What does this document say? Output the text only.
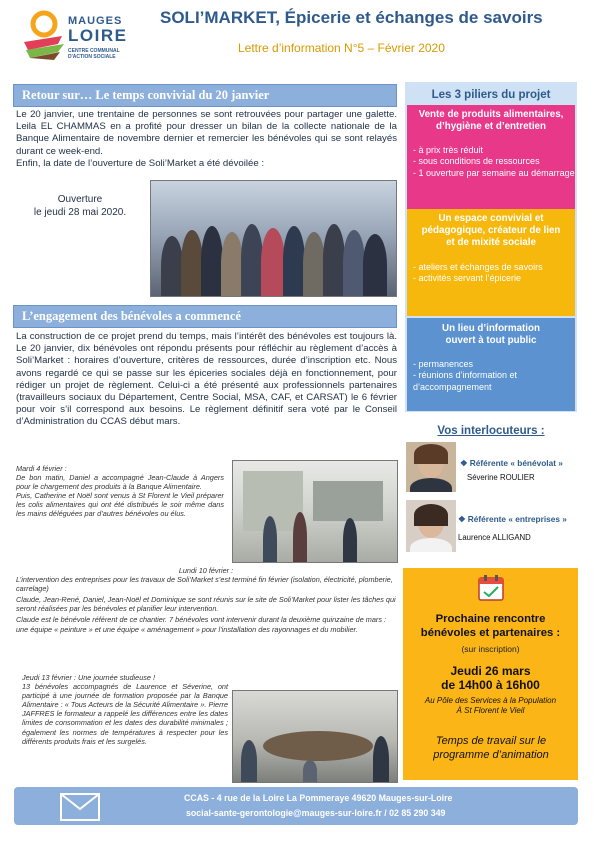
MAUGES
LOIRE
CENTRE COMMUNAL D'ACTION SOCIALE
SOLI’MARKET, Épicerie et échanges de savoirs
Lettre d’information N°5 – Février 2020
Retour sur… Le temps convivial du 20 janvier
Le 20 janvier, une trentaine de personnes se sont retrouvées pour partager une galette. Leila EL CHAMMAS en a profité pour dresser un bilan de la collecte nationale de la Banque Alimentaire de novembre dernier et remercier les bénévoles qui se sont relayés durant ce week-end.
Enfin, la date de l’ouverture de Soli’Market a été dévoilée :
Ouverture
le jeudi 28 mai 2020.
L’engagement des bénévoles a commencé
La construction de ce projet prend du temps, mais l’intérêt des bénévoles est toujours là. Le 20 janvier, dix bénévoles ont répondu présents pour réfléchir au règlement d’accès à Soli’Market : horaires d’ouverture, critères de ressources, durée d’inscription etc. Nous avons regardé ce qui se passe sur les épiceries sociales déjà en fonctionnement, pour rédiger un projet de règlement. Celui-ci a été présenté aux professionnels partenaires (travailleurs sociaux du Département, Centre Social, MSA, CAF, et CARSAT) le 6 février pour voir s’il correspond aux besoins. Le règlement définitif sera voté par le Conseil d’Administration du CCAS début mars.
Mardi 4 février :
De bon matin, Daniel a accompagné Jean-Claude à Angers pour le chargement des produits à la Banque Alimentaire.
Puis, Catherine et Noël sont venus à St Florent le Vieil préparer les colis alimentaires qui ont été distribués le soir même dans les mains déléguées par d’autres bénévoles ou élus.
Lundi 10 février :
L’intervention des entreprises pour les travaux de Soli’Market s’est terminé fin février (isolation, électricité, plomberie, carrelage)
Claude, Jean-René, Daniel, Jean-Noël et Dominique se sont réunis sur le site de Soli’Market pour lister les tâches qui seront réalisées par les bénévoles et planifier leur intervention.
Claude est le bénévole référent de ce chantier. 7 bénévoles vont intervenir durant la deuxième quinzaine de mars : une équipe « peinture » et une équipe « aménagement » pour l’installation des rayonnages et du mobilier.
Jeudi 13 février : Une journée studieuse !
13 bénévoles accompagnés de Laurence et Séverine, ont participé à une journée de formation proposée par la Banque Alimentaire : « Tous Acteurs de la Sécurité Alimentaire ». Pierre JAFFRES le formateur a rappelé les différences entre les dates limites de consommation et les dates des durabilité minimales ; également les normes de températures à respecter pour les différents produits frais et les surgelés.
Les 3 piliers du projet
Vente de produits alimentaires, d’hygiène et d’entretien
- à prix très réduit
- sous conditions de ressources
- 1 ouverture par semaine au démarrage
Un espace convivial et pédagogique, créateur de lien et de mixité sociale
- ateliers et échanges de savoirs
- activités servant l’épicerie
Un lieu d’information ouvert à tout public
- permanences
- réunions d’information et d’accompagnement
Vos interlocuteurs :
❖ Référente « bénévolat »
Séverine ROULIER
❖ Référente « entreprises »
Laurence ALLIGAND
Prochaine rencontre bénévoles et partenaires :
(sur inscription)
Jeudi 26 mars
de 14h00 à 16h00
Au Pôle des Services à la Population
À St Florent le Vieil
Temps de travail sur le programme d’animation
CCAS - 4 rue de la Loire La Pommeraye 49620 Mauges-sur-Loire
social-sante-gerontologie@mauges-sur-loire.fr / 02 85 290 349
